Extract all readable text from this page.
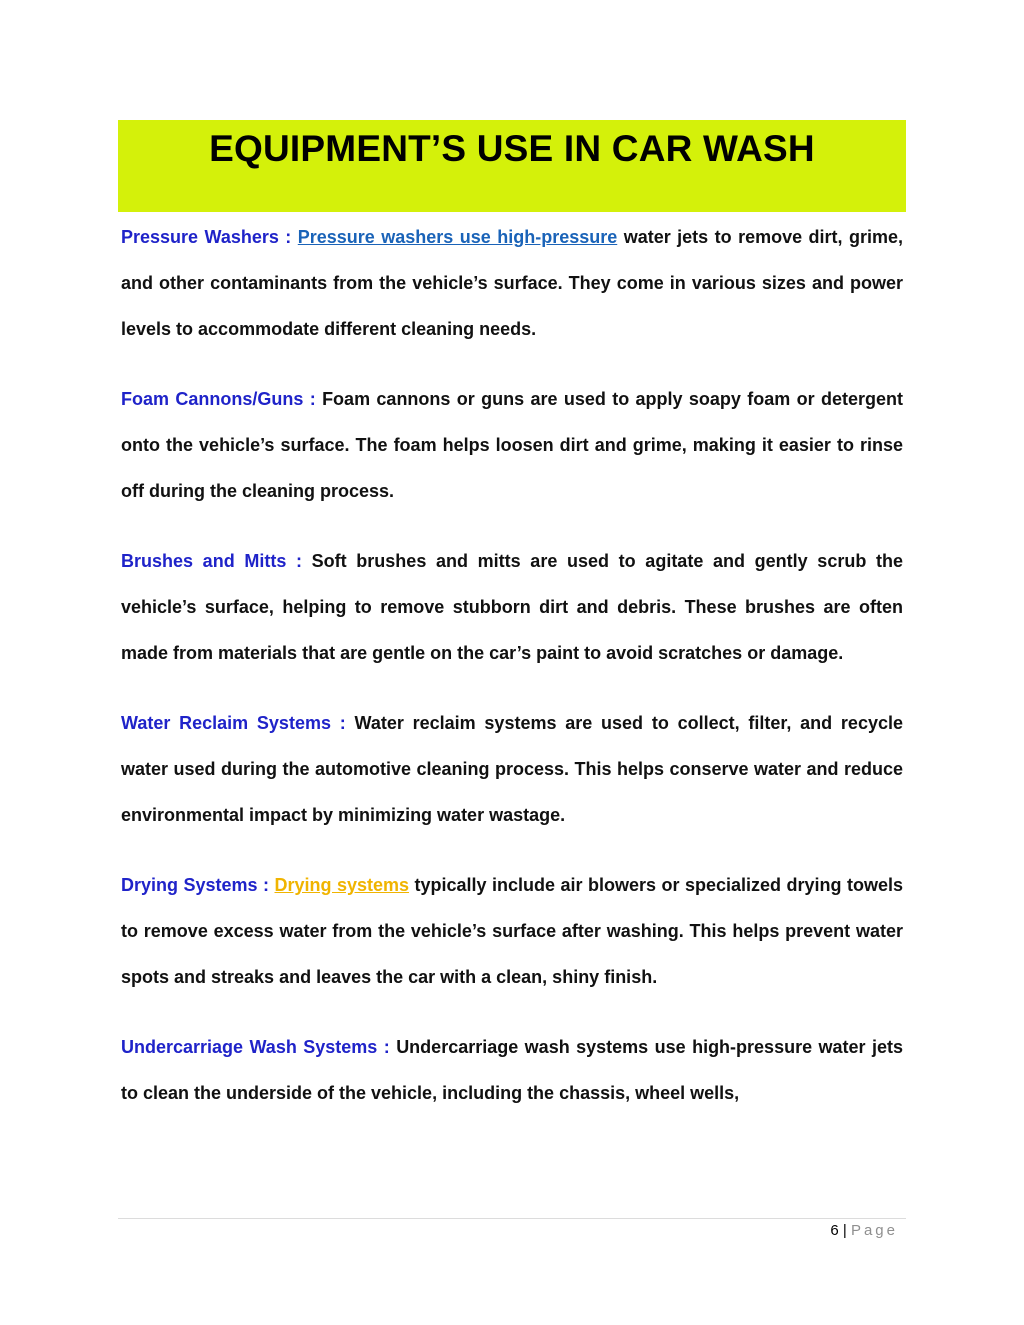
EQUIPMENT’S USE IN CAR WASH

Pressure Washers : Pressure washers use high-pressure water jets to remove dirt, grime, and other contaminants from the vehicle’s surface. They come in various sizes and power levels to accommodate different cleaning needs.

Foam Cannons/Guns : Foam cannons or guns are used to apply soapy foam or detergent onto the vehicle’s surface. The foam helps loosen dirt and grime, making it easier to rinse off during the cleaning process.

Brushes and Mitts : Soft brushes and mitts are used to agitate and gently scrub the vehicle’s surface, helping to remove stubborn dirt and debris. These brushes are often made from materials that are gentle on the car’s paint to avoid scratches or damage.

Water Reclaim Systems : Water reclaim systems are used to collect, filter, and recycle water used during the automotive cleaning process. This helps conserve water and reduce environmental impact by minimizing water wastage.

Drying Systems : Drying systems typically include air blowers or specialized drying towels to remove excess water from the vehicle’s surface after washing. This helps prevent water spots and streaks and leaves the car with a clean, shiny finish.

Undercarriage Wash Systems : Undercarriage wash systems use high-pressure water jets to clean the underside of the vehicle, including the chassis, wheel wells,

6 | Page
